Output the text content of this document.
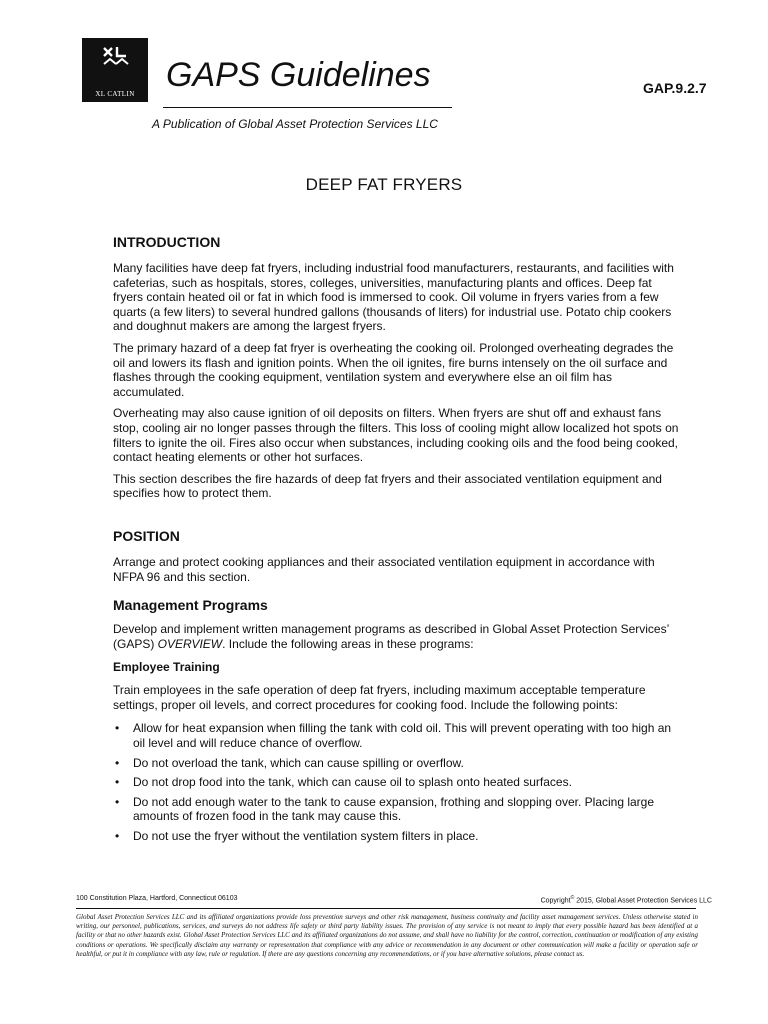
XL CATLIN GAPS Guidelines	GAP.9.2.7
A Publication of Global Asset Protection Services LLC
DEEP FAT FRYERS
INTRODUCTION

Many facilities have deep fat fryers, including industrial food manufacturers, restaurants, and facilities with cafeterias, such as hospitals, stores, colleges, universities, manufacturing plants and offices. Deep fat fryers contain heated oil or fat in which food is immersed to cook. Oil volume in fryers varies from a few quarts (a few liters) to several hundred gallons (thousands of liters) for industrial use. Potato chip cookers and doughnut makers are among the largest fryers.

The primary hazard of a deep fat fryer is overheating the cooking oil. Prolonged overheating degrades the oil and lowers its flash and ignition points. When the oil ignites, fire burns intensely on the oil surface and flashes through the cooking equipment, ventilation system and everywhere else an oil film has accumulated.

Overheating may also cause ignition of oil deposits on filters. When fryers are shut off and exhaust fans stop, cooling air no longer passes through the filters. This loss of cooling might allow localized hot spots on filters to ignite the oil. Fires also occur when substances, including cooking oils and the food being cooked, contact heating elements or other hot surfaces.

This section describes the fire hazards of deep fat fryers and their associated ventilation equipment and specifies how to protect them.

POSITION

Arrange and protect cooking appliances and their associated ventilation equipment in accordance with NFPA 96 and this section.

Management Programs

Develop and implement written management programs as described in Global Asset Protection Services’ (GAPS) OVERVIEW. Include the following areas in these programs:

Employee Training

Train employees in the safe operation of deep fat fryers, including maximum acceptable temperature settings, proper oil levels, and correct procedures for cooking food. Include the following points:

• Allow for heat expansion when filling the tank with cold oil. This will prevent operating with too high an oil level and will reduce chance of overflow.
• Do not overload the tank, which can cause spilling or overflow.
• Do not drop food into the tank, which can cause oil to splash onto heated surfaces.
• Do not add enough water to the tank to cause expansion, frothing and slopping over. Placing large amounts of frozen food in the tank may cause this.
• Do not use the fryer without the ventilation system filters in place.
100 Constitution Plaza, Hartford, Connecticut 06103	Copyright© 2015, Global Asset Protection Services LLC

Global Asset Protection Services LLC and its affiliated organizations provide loss prevention surveys and other risk management, business continuity and facility asset management services. Unless otherwise stated in writing, our personnel, publications, services, and surveys do not address life safety or third party liability issues. The provision of any service is not meant to imply that every possible hazard has been identified at a facility or that no other hazards exist. Global Asset Protection Services LLC and its affiliated organizations do not assume, and shall have no liability for the control, correction, continuation or modification of any existing conditions or operations. We specifically disclaim any warranty or representation that compliance with any advice or recommendation in any document or other communication will make a facility or operation safe or healthful, or put it in compliance with any law, rule or regulation. If there are any questions concerning any recommendations, or if you have alternative solutions, please contact us.
